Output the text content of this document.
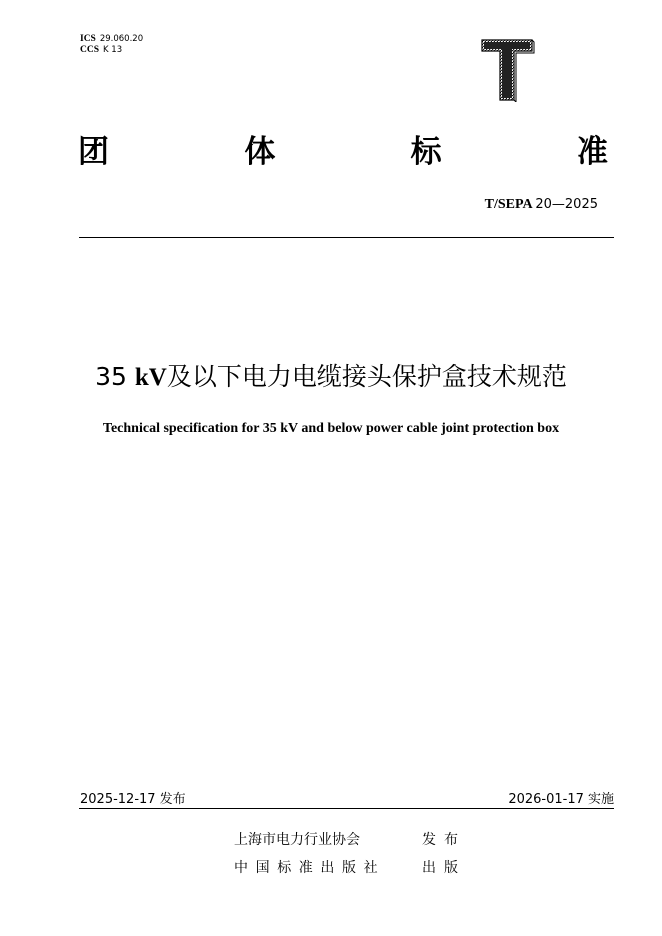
ICS 29.060.20
CCS K 13
团	体	标	准
T/SEPA 20—2025
35 kV及以下电力电缆接头保护盒技术规范
Technical specification for 35 kV and below power cable joint protection box
2025-12-17 发布	2026-01-17 实施
上海市电力行业协会	发布
中国标准出版社	出版
